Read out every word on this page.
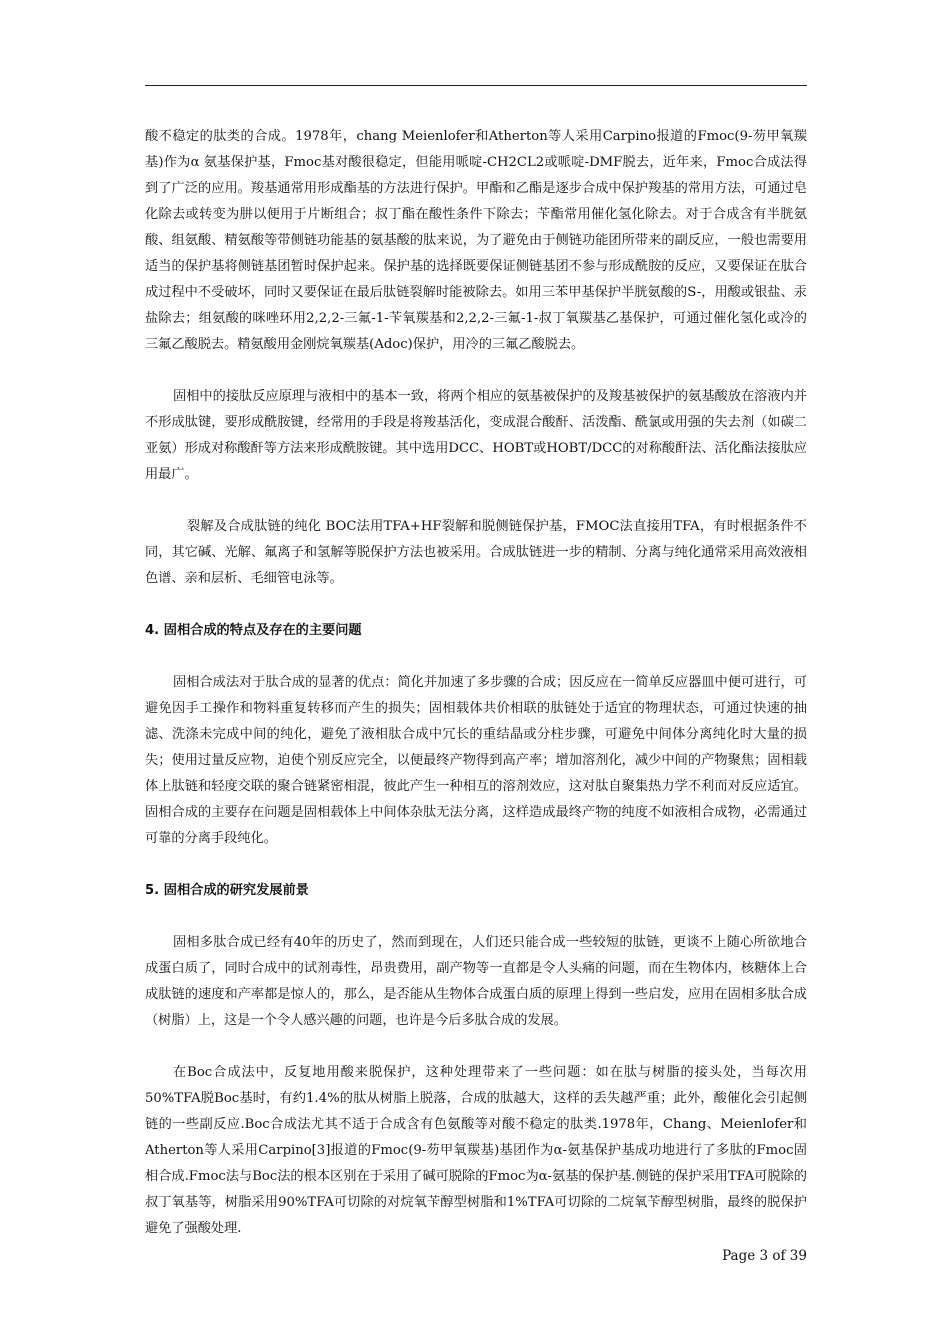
酸不稳定的肽类的合成。1978年，chang Meienlofer和Atherton等人采用Carpino报道的Fmoc(9-芴甲氧羰基)作为α 氨基保护基，Fmoc基对酸很稳定，但能用哌啶-CH2CL2或哌啶-DMF脱去，近年来，Fmoc合成法得到了广泛的应用。羧基通常用形成酯基的方法进行保护。甲酯和乙酯是逐步合成中保护羧基的常用方法，可通过皂化除去或转变为肼以便用于片断组合；叔丁酯在酸性条件下除去；苄酯常用催化氢化除去。对于合成含有半胱氨酸、组氨酸、精氨酸等带侧链功能基的氨基酸的肽来说，为了避免由于侧链功能团所带来的副反应，一般也需要用适当的保护基将侧链基团暂时保护起来。保护基的选择既要保证侧链基团不参与形成酰胺的反应，又要保证在肽合成过程中不受破坏，同时又要保证在最后肽链裂解时能被除去。如用三苯甲基保护半胱氨酸的S-，用酸或银盐、汞盐除去；组氨酸的咪唑环用2,2,2-三氟-1-苄氧羰基和2,2,2-三氟-1-叔丁氧羰基乙基保护，可通过催化氢化或冷的三氟乙酸脱去。精氨酸用金刚烷氧羰基(Adoc)保护，用冷的三氟乙酸脱去。

固相中的接肽反应原理与液相中的基本一致，将两个相应的氨基被保护的及羧基被保护的氨基酸放在溶液内并不形成肽键，要形成酰胺键，经常用的手段是将羧基活化，变成混合酸酐、活泼酯、酰氯或用强的失去剂（如碳二亚氨）形成对称酸酐等方法来形成酰胺键。其中选用DCC、HOBT或HOBT/DCC的对称酸酐法、活化酯法接肽应用最广。

裂解及合成肽链的纯化 BOC法用TFA+HF裂解和脱侧链保护基，FMOC法直接用TFA，有时根据条件不同，其它碱、光解、氟离子和氢解等脱保护方法也被采用。合成肽链进一步的精制、分离与纯化通常采用高效液相色谱、亲和层析、毛细管电泳等。

4. 固相合成的特点及存在的主要问题

固相合成法对于肽合成的显著的优点：简化并加速了多步骤的合成；因反应在一简单反应器皿中便可进行，可避免因手工操作和物料重复转移而产生的损失；固相载体共价相联的肽链处于适宜的物理状态，可通过快速的抽滤、洗涤未完成中间的纯化，避免了液相肽合成中冗长的重结晶或分柱步骤，可避免中间体分离纯化时大量的损失；使用过量反应物，迫使个别反应完全，以便最终产物得到高产率；增加溶剂化，减少中间的产物聚焦；固相载体上肽链和轻度交联的聚合链紧密相混，彼此产生一种相互的溶剂效应，这对肽自聚集热力学不利而对反应适宜。固相合成的主要存在问题是固相载体上中间体杂肽无法分离，这样造成最终产物的纯度不如液相合成物，必需通过可靠的分离手段纯化。

5. 固相合成的研究发展前景

固相多肽合成已经有40年的历史了，然而到现在，人们还只能合成一些较短的肽链，更谈不上随心所欲地合成蛋白质了，同时合成中的试剂毒性，昂贵费用，副产物等一直都是令人头痛的问题，而在生物体内，核糖体上合成肽链的速度和产率都是惊人的，那么，是否能从生物体合成蛋白质的原理上得到一些启发，应用在固相多肽合成（树脂）上，这是一个令人感兴趣的问题，也许是今后多肽合成的发展。

在Boc合成法中，反复地用酸来脱保护，这种处理带来了一些问题：如在肽与树脂的接头处，当每次用50%TFA脱Boc基时，有约1.4%的肽从树脂上脱落，合成的肽越大，这样的丢失越严重；此外，酸催化会引起侧链的一些副反应.Boc合成法尤其不适于合成含有色氨酸等对酸不稳定的肽类.1978年，Chang、Meienlofer和Atherton等人采用Carpino[3]报道的Fmoc(9-芴甲氧羰基)基团作为α-氨基保护基成功地进行了多肽的Fmoc固相合成.Fmoc法与Boc法的根本区别在于采用了碱可脱除的Fmoc为α-氨基的保护基.侧链的保护采用TFA可脱除的叔丁氧基等，树脂采用90%TFA可切除的对烷氧苄醇型树脂和1%TFA可切除的二烷氧苄醇型树脂，最终的脱保护避免了强酸处理.

Page 3 of 39
